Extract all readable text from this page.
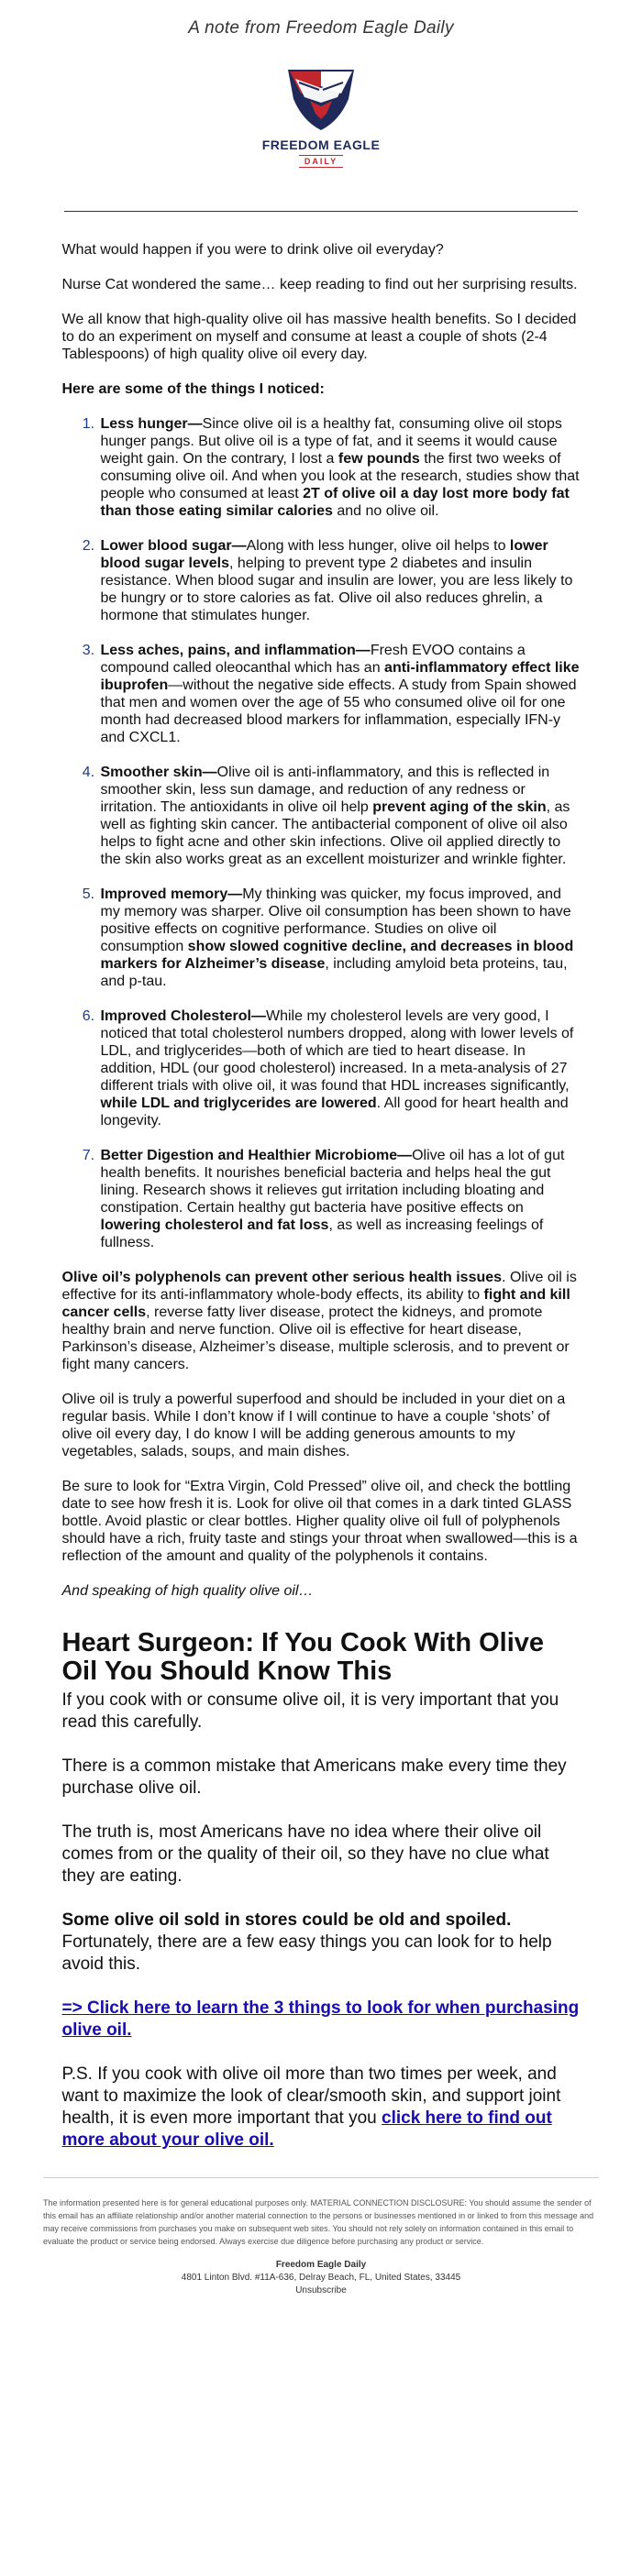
A note from Freedom Eagle Daily
FREEDOM EAGLE
DAILY

What would happen if you were to drink olive oil everyday?

Nurse Cat wondered the same… keep reading to find out her surprising results.

We all know that high-quality olive oil has massive health benefits. So I decided to do an experiment on myself and consume at least a couple of shots (2-4 Tablespoons) of high quality olive oil every day.

Here are some of the things I noticed:

1. Less hunger—Since olive oil is a healthy fat, consuming olive oil stops hunger pangs. But olive oil is a type of fat, and it seems it would cause weight gain. On the contrary, I lost a few pounds the first two weeks of consuming olive oil. And when you look at the research, studies show that people who consumed at least 2T of olive oil a day lost more body fat than those eating similar calories and no olive oil.
2. Lower blood sugar—Along with less hunger, olive oil helps to lower blood sugar levels, helping to prevent type 2 diabetes and insulin resistance. When blood sugar and insulin are lower, you are less likely to be hungry or to store calories as fat. Olive oil also reduces ghrelin, a hormone that stimulates hunger.
3. Less aches, pains, and inflammation—Fresh EVOO contains a compound called oleocanthal which has an anti-inflammatory effect like ibuprofen—without the negative side effects. A study from Spain showed that men and women over the age of 55 who consumed olive oil for one month had decreased blood markers for inflammation, especially IFN-y and CXCL1.
4. Smoother skin—Olive oil is anti-inflammatory, and this is reflected in smoother skin, less sun damage, and reduction of any redness or irritation. The antioxidants in olive oil help prevent aging of the skin, as well as fighting skin cancer. The antibacterial component of olive oil also helps to fight acne and other skin infections. Olive oil applied directly to the skin also works great as an excellent moisturizer and wrinkle fighter.
5. Improved memory—My thinking was quicker, my focus improved, and my memory was sharper. Olive oil consumption has been shown to have positive effects on cognitive performance. Studies on olive oil consumption show slowed cognitive decline, and decreases in blood markers for Alzheimer’s disease, including amyloid beta proteins, tau, and p-tau.
6. Improved Cholesterol—While my cholesterol levels are very good, I noticed that total cholesterol numbers dropped, along with lower levels of LDL, and triglycerides—both of which are tied to heart disease. In addition, HDL (our good cholesterol) increased. In a meta-analysis of 27 different trials with olive oil, it was found that HDL increases significantly, while LDL and triglycerides are lowered. All good for heart health and longevity.
7. Better Digestion and Healthier Microbiome—Olive oil has a lot of gut health benefits. It nourishes beneficial bacteria and helps heal the gut lining. Research shows it relieves gut irritation including bloating and constipation. Certain healthy gut bacteria have positive effects on lowering cholesterol and fat loss, as well as increasing feelings of fullness.

Olive oil’s polyphenols can prevent other serious health issues. Olive oil is effective for its anti-inflammatory whole-body effects, its ability to fight and kill cancer cells, reverse fatty liver disease, protect the kidneys, and promote healthy brain and nerve function. Olive oil is effective for heart disease, Parkinson’s disease, Alzheimer’s disease, multiple sclerosis, and to prevent or fight many cancers.

Olive oil is truly a powerful superfood and should be included in your diet on a regular basis. While I don’t know if I will continue to have a couple ‘shots’ of olive oil every day, I do know I will be adding generous amounts to my vegetables, salads, soups, and main dishes.

Be sure to look for “Extra Virgin, Cold Pressed” olive oil, and check the bottling date to see how fresh it is. Look for olive oil that comes in a dark tinted GLASS bottle. Avoid plastic or clear bottles. Higher quality olive oil full of polyphenols should have a rich, fruity taste and stings your throat when swallowed—this is a reflection of the amount and quality of the polyphenols it contains.

And speaking of high quality olive oil…

Heart Surgeon: If You Cook With Olive Oil You Should Know This

If you cook with or consume olive oil, it is very important that you read this carefully.

There is a common mistake that Americans make every time they purchase olive oil.

The truth is, most Americans have no idea where their olive oil comes from or the quality of their oil, so they have no clue what they are eating.

Some olive oil sold in stores could be old and spoiled. Fortunately, there are a few easy things you can look for to help avoid this.

=> Click here to learn the 3 things to look for when purchasing olive oil.

P.S. If you cook with olive oil more than two times per week, and want to maximize the look of clear/smooth skin, and support joint health, it is even more important that you click here to find out more about your olive oil.

The information presented here is for general educational purposes only. MATERIAL CONNECTION DISCLOSURE: You should assume the sender of this email has an affiliate relationship and/or another material connection to the persons or businesses mentioned in or linked to from this message and may receive commissions from purchases you make on subsequent web sites. You should not rely solely on information contained in this email to evaluate the product or service being endorsed. Always exercise due diligence before purchasing any product or service.
Freedom Eagle Daily
4801 Linton Blvd. #11A-636, Delray Beach, FL, United States, 33445
Unsubscribe
